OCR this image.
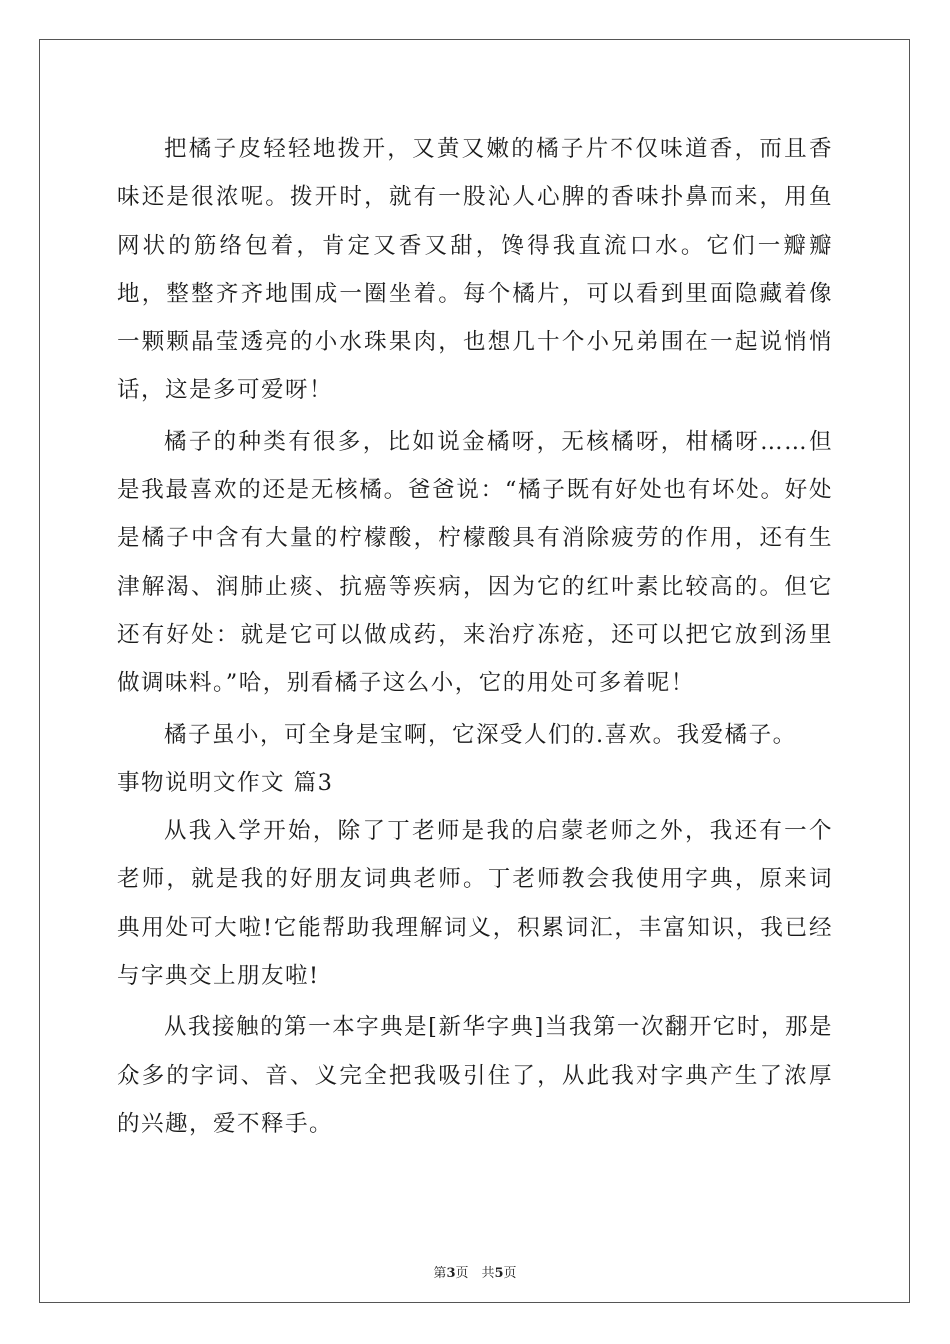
把橘子皮轻轻地拨开，又黄又嫩的橘子片不仅味道香，而且香味还是很浓呢。拨开时，就有一股沁人心脾的香味扑鼻而来，用鱼网状的筋络包着，肯定又香又甜，馋得我直流口水。它们一瓣瓣地，整整齐齐地围成一圈坐着。每个橘片，可以看到里面隐藏着像一颗颗晶莹透亮的小水珠果肉，也想几十个小兄弟围在一起说悄悄话，这是多可爱呀！

橘子的种类有很多，比如说金橘呀，无核橘呀，柑橘呀……但是我最喜欢的还是无核橘。爸爸说：“橘子既有好处也有坏处。好处是橘子中含有大量的柠檬酸，柠檬酸具有消除疲劳的作用，还有生津解渴、润肺止痰、抗癌等疾病，因为它的红叶素比较高的。但它还有好处：就是它可以做成药，来治疗冻疮，还可以把它放到汤里做调味料。”哈，别看橘子这么小，它的用处可多着呢！

橘子虽小，可全身是宝啊，它深受人们的.喜欢。我爱橘子。

事物说明文作文 篇3

从我入学开始，除了丁老师是我的启蒙老师之外，我还有一个老师，就是我的好朋友词典老师。丁老师教会我使用字典，原来词典用处可大啦!它能帮助我理解词义，积累词汇，丰富知识，我已经与字典交上朋友啦!

从我接触的第一本字典是[新华字典]当我第一次翻开它时，那是众多的字词、音、义完全把我吸引住了，从此我对字典产生了浓厚的兴趣，爱不释手。

第3页　共5页
